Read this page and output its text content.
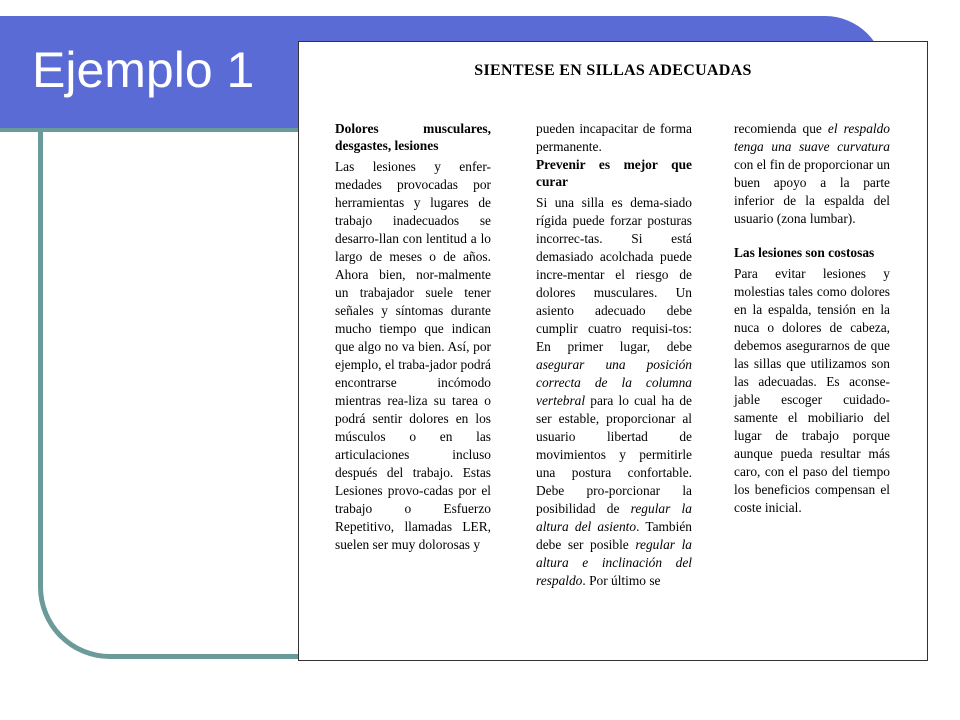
Ejemplo 1	SIENTESE EN SILLAS ADECUADAS
Dolores musculares, desgastes, lesiones

Las lesiones y enfer-medades provocadas por herramientas y lugares de trabajo inadecuados se desarro-llan con lentitud a lo largo de meses o de años. Ahora bien, nor-malmente un trabajador suele tener señales y síntomas durante mucho tiempo que indican que algo no va bien. Así, por ejemplo, el traba-jador podrá encontrarse incómodo mientras rea-liza su tarea o podrá sentir dolores en los músculos o en las articulaciones incluso después del trabajo. Estas Lesiones provo-cadas por el trabajo o Esfuerzo Repetitivo, llamadas LER, suelen ser muy dolorosas y

pueden incapacitar de forma permanente.

Prevenir es mejor que curar

Si una silla es dema-siado rígida puede forzar posturas incorrec-tas. Si está demasiado acolchada puede incre-mentar el riesgo de dolores musculares. Un asiento adecuado debe cumplir cuatro requisi-tos: En primer lugar, debe asegurar una posición correcta de la columna vertebral para lo cual ha de ser estable, proporcionar al usuario libertad de movimientos y permitirle una postura confortable. Debe pro-porcionar la posibilidad de regular la altura del asiento. También debe ser posible regular la altura e inclinación del respaldo. Por último se

recomienda que el respaldo tenga una suave curvatura con el fin de proporcionar un buen apoyo a la parte inferior de la espalda del usuario (zona lumbar).

Las lesiones son costosas

Para evitar lesiones y molestias tales como dolores en la espalda, tensión en la nuca o dolores de cabeza, debemos asegurarnos de que las sillas que utilizamos son las adecuadas. Es aconse-jable escoger cuidado-samente el mobiliario del lugar de trabajo porque aunque pueda resultar más caro, con el paso del tiempo los beneficios compensan el coste inicial.
